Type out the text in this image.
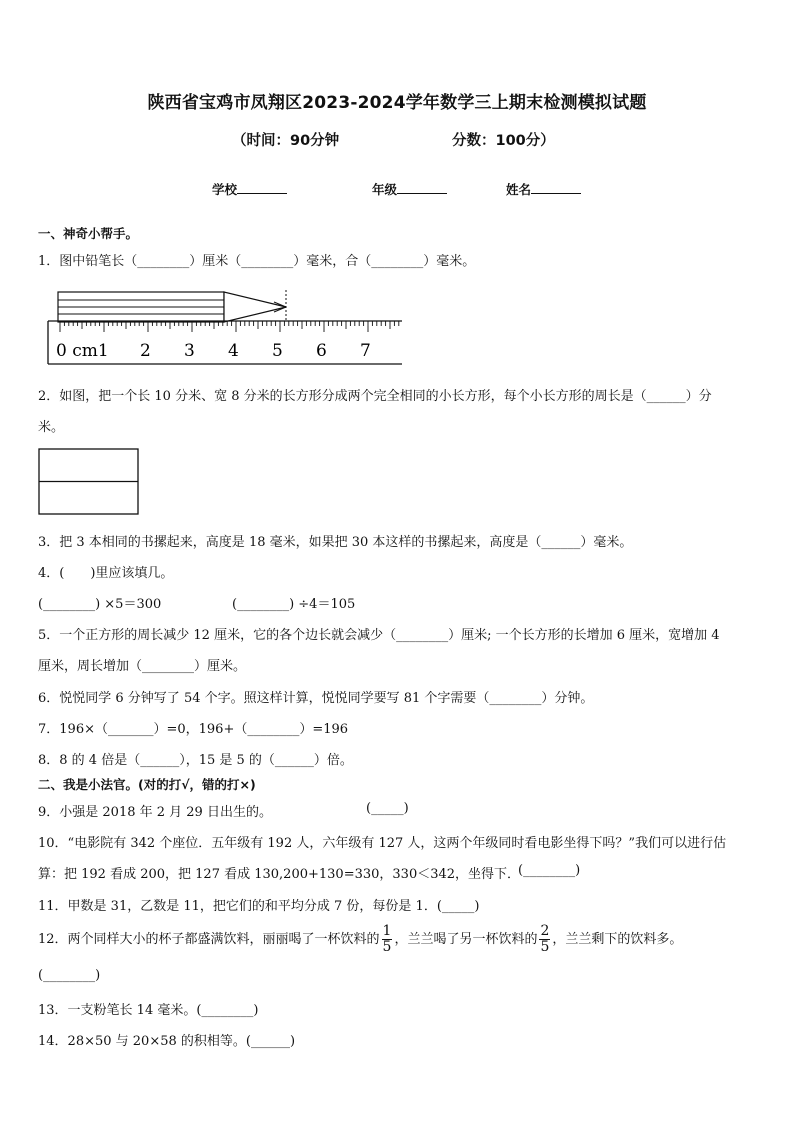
陕西省宝鸡市凤翔区2023-2024学年数学三上期末检测模拟试题
（时间：90分钟	分数：100分）
学校	年级	姓名
一、神奇小帮手。
1．图中铅笔长（________）厘米（________）毫米，合（________）毫米。
0 cm1 2 3 4 5 6 7
2．如图，把一个长 10 分米、宽 8 分米的长方形分成两个完全相同的小长方形，每个小长方形的周长是（______）分
米。
3．把 3 本相同的书摞起来，高度是 18 毫米，如果把 30 本这样的书摞起来，高度是（______）毫米。
4．(　　)里应该填几。
(________) ×5＝300	(________) ÷4＝105
5．一个正方形的周长减少 12 厘米，它的各个边长就会减少（________）厘米; 一个长方形的长增加 6 厘米，宽增加 4
厘米，周长增加（________）厘米。
6．悦悦同学 6 分钟写了 54 个字。照这样计算，悦悦同学要写 81 个字需要（________）分钟。
7．196×（_______）=0，196+（________）=196
8．8 的 4 倍是（______），15 是 5 的（______）倍。
二、我是小法官。(对的打√，错的打×)
9．小强是 2018 年 2 月 29 日出生的。	(_____)
10．“电影院有 342 个座位．五年级有 192 人，六年级有 127 人，这两个年级同时看电影坐得下吗？”我们可以进行估
算：把 192 看成 200，把 127 看成 130,200+130=330，330＜342，坐得下．
(________)
11．甲数是 31，乙数是 11，把它们的和平均分成 7 份，每份是 1．(_____)
12．两个同样大小的杯子都盛满饮料，丽丽喝了一杯饮料的 $\frac{1}{5}$ ，兰兰喝了另一杯饮料的 $\frac{2}{5}$ ，兰兰剩下的饮料多。
(________)
13．一支粉笔长 14 毫米。(________)
14．28×50 与 20×58 的积相等。(______)
